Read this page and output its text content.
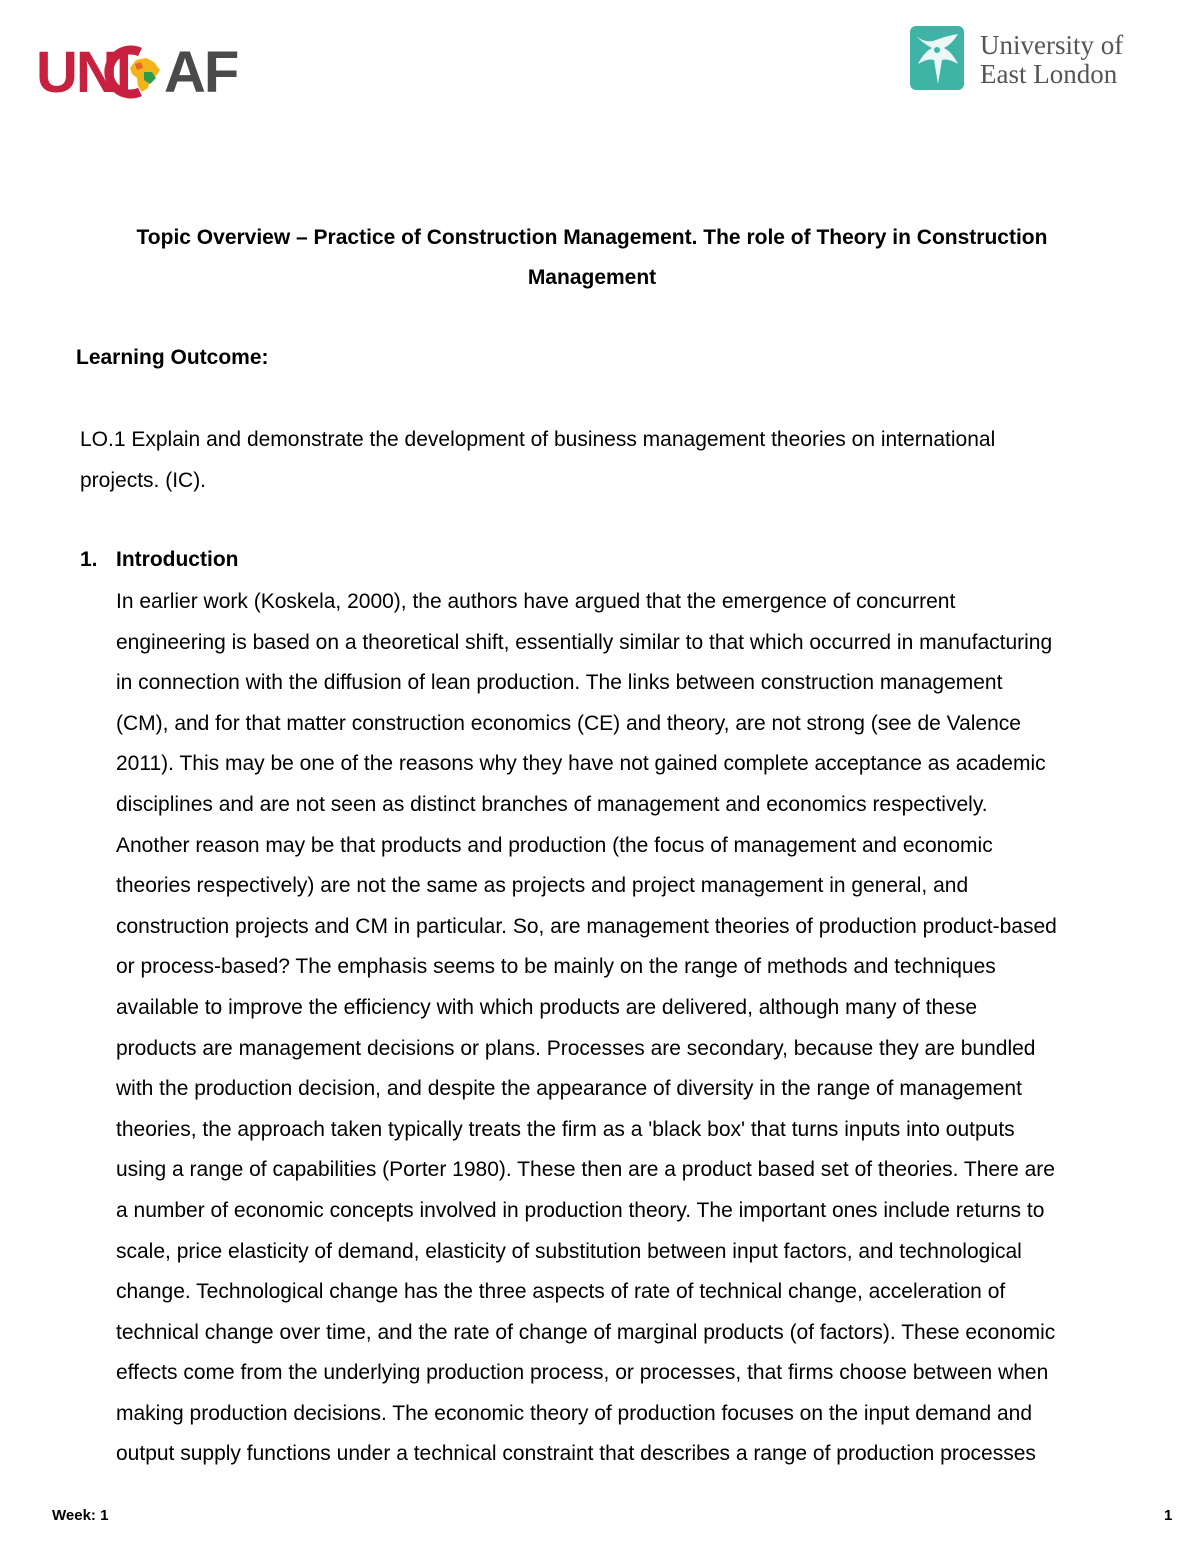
UNI AF	University of
East London
Topic Overview – Practice of Construction Management. The role of Theory in Construction
Management
Learning Outcome:

LO.1 Explain and demonstrate the development of business management theories on international
projects. (IC).

1. Introduction

In earlier work (Koskela, 2000), the authors have argued that the emergence of concurrent
engineering is based on a theoretical shift, essentially similar to that which occurred in manufacturing
in connection with the diffusion of lean production. The links between construction management
(CM), and for that matter construction economics (CE) and theory, are not strong (see de Valence
2011). This may be one of the reasons why they have not gained complete acceptance as academic
disciplines and are not seen as distinct branches of management and economics respectively.
Another reason may be that products and production (the focus of management and economic
theories respectively) are not the same as projects and project management in general, and
construction projects and CM in particular. So, are management theories of production product-based
or process-based? The emphasis seems to be mainly on the range of methods and techniques
available to improve the efficiency with which products are delivered, although many of these
products are management decisions or plans. Processes are secondary, because they are bundled
with the production decision, and despite the appearance of diversity in the range of management
theories, the approach taken typically treats the firm as a 'black box' that turns inputs into outputs
using a range of capabilities (Porter 1980). These then are a product based set of theories. There are
a number of economic concepts involved in production theory. The important ones include returns to
scale, price elasticity of demand, elasticity of substitution between input factors, and technological
change. Technological change has the three aspects of rate of technical change, acceleration of
technical change over time, and the rate of change of marginal products (of factors). These economic
effects come from the underlying production process, or processes, that firms choose between when
making production decisions. The economic theory of production focuses on the input demand and
output supply functions under a technical constraint that describes a range of production processes

Week: 1	1
